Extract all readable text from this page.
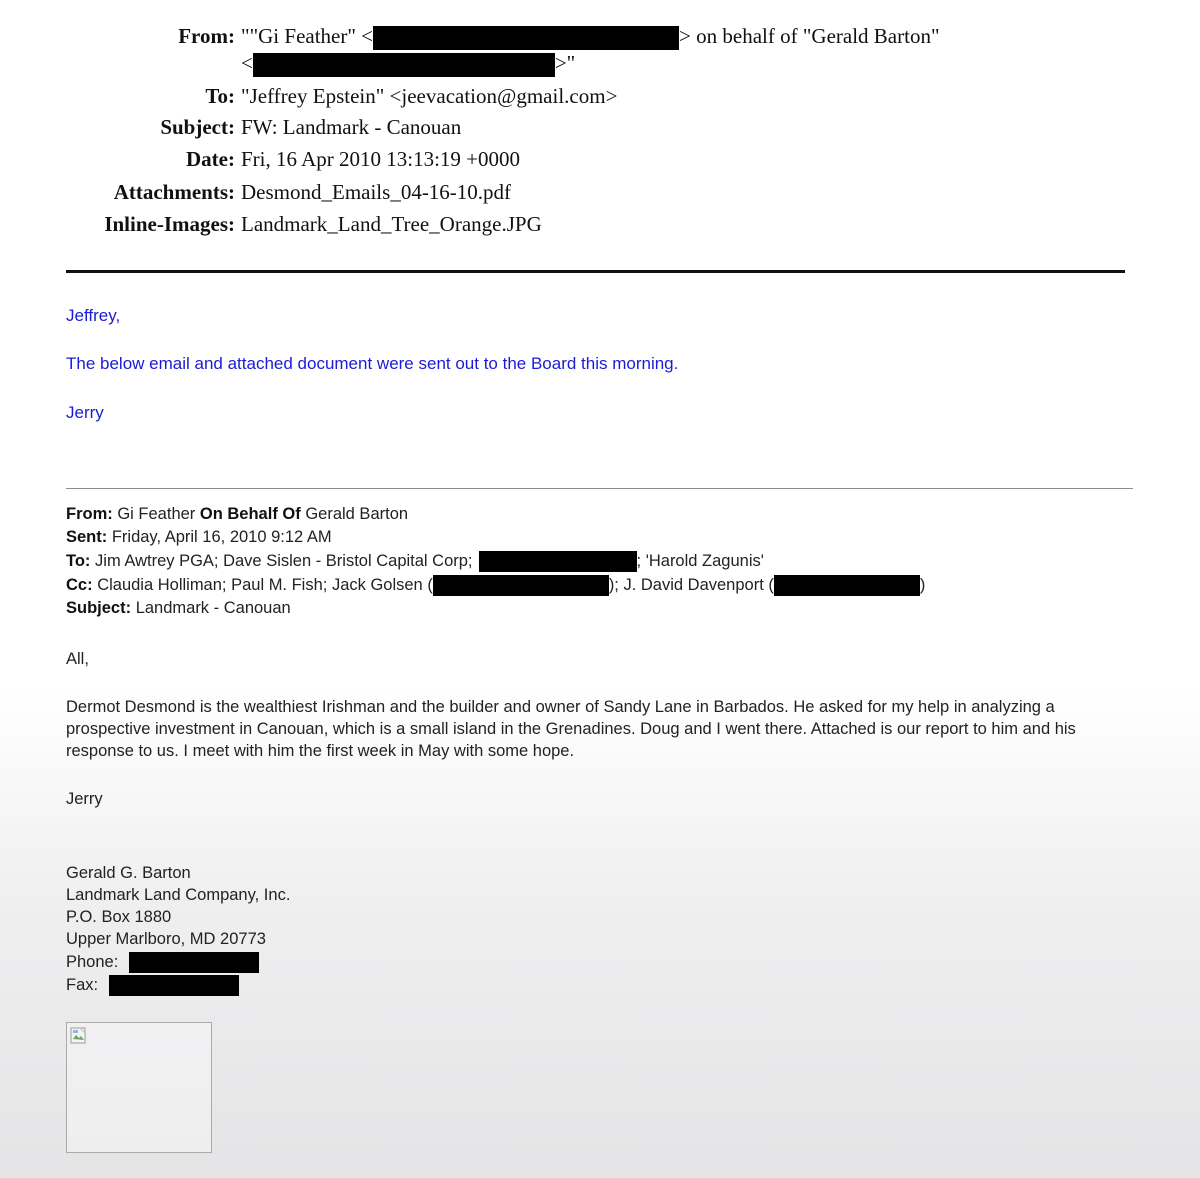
From: ""Gi Feather" <	> on behalf of "Gerald Barton"
<	>"
To: "Jeffrey Epstein" <jeevacation@gmail.com>
Subject: FW: Landmark - Canouan
Date: Fri, 16 Apr 2010 13:13:19 +0000
Attachments: Desmond_Emails_04-16-10.pdf
Inline-Images: Landmark_Land_Tree_Orange.JPG
Jeffrey,
The below email and attached document were sent out to the Board this morning.
Jerry
From: Gi Feather On Behalf Of Gerald Barton
Sent: Friday, April 16, 2010 9:12 AM
To: Jim Awtrey PGA; Dave Sislen - Bristol Capital Corp;	; 'Harold Zagunis'
Cc: Claudia Holliman; Paul M. Fish; Jack Golsen (	); J. David Davenport (	)
Subject: Landmark - Canouan
All,
Dermot Desmond is the wealthiest Irishman and the builder and owner of Sandy Lane in Barbados. He asked for my help in analyzing a prospective investment in Canouan, which is a small island in the Grenadines. Doug and I went there. Attached is our report to him and his response to us. I meet with him the first week in May with some hope.
Jerry
Gerald G. Barton
Landmark Land Company, Inc.
P.O. Box 1880
Upper Marlboro, MD 20773
Phone:
Fax:
